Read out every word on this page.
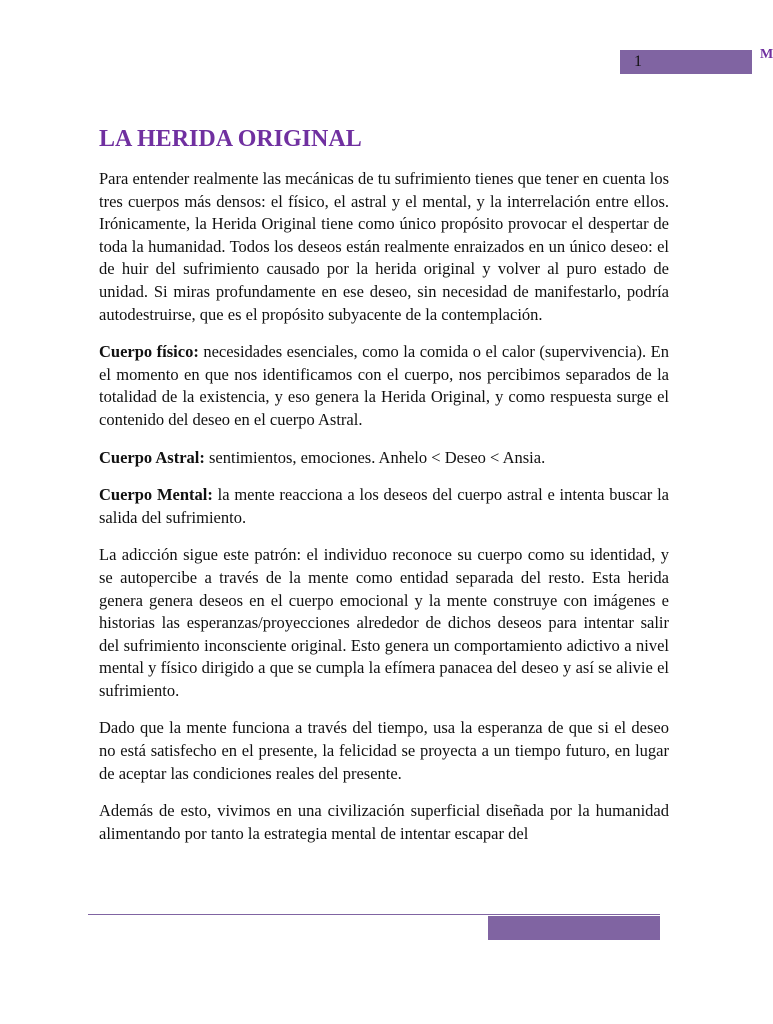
1	M
LA HERIDA ORIGINAL

Para entender realmente las mecánicas de tu sufrimiento tienes que tener en cuenta los tres cuerpos más densos: el físico, el astral y el mental, y la interrelación entre ellos. Irónicamente, la Herida Original tiene como único propósito provocar el despertar de toda la humanidad. Todos los deseos están realmente enraizados en un único deseo: el de huir del sufrimiento causado por la herida original y volver al puro estado de unidad. Si miras profundamente en ese deseo, sin necesidad de manifestarlo, podría autodestruirse, que es el propósito subyacente de la contemplación.

Cuerpo físico: necesidades esenciales, como la comida o el calor (supervivencia). En el momento en que nos identificamos con el cuerpo, nos percibimos separados de la totalidad de la existencia, y eso genera la Herida Original, y como respuesta surge el contenido del deseo en el cuerpo Astral.

Cuerpo Astral: sentimientos, emociones. Anhelo < Deseo < Ansia.

Cuerpo Mental: la mente reacciona a los deseos del cuerpo astral e intenta buscar la salida del sufrimiento.

La adicción sigue este patrón: el individuo reconoce su cuerpo como su identidad, y se autopercibe a través de la mente como entidad separada del resto. Esta herida genera genera deseos en el cuerpo emocional y la mente construye con imágenes e historias las esperanzas/proyecciones alrededor de dichos deseos para intentar salir del sufrimiento inconsciente original. Esto genera un comportamiento adictivo a nivel mental y físico dirigido a que se cumpla la efímera panacea del deseo y así se alivie el sufrimiento.

Dado que la mente funciona a través del tiempo, usa la esperanza de que si el deseo no está satisfecho en el presente, la felicidad se proyecta a un tiempo futuro, en lugar de aceptar las condiciones reales del presente.

Además de esto, vivimos en una civilización superficial diseñada por la humanidad alimentando por tanto la estrategia mental de intentar escapar del
